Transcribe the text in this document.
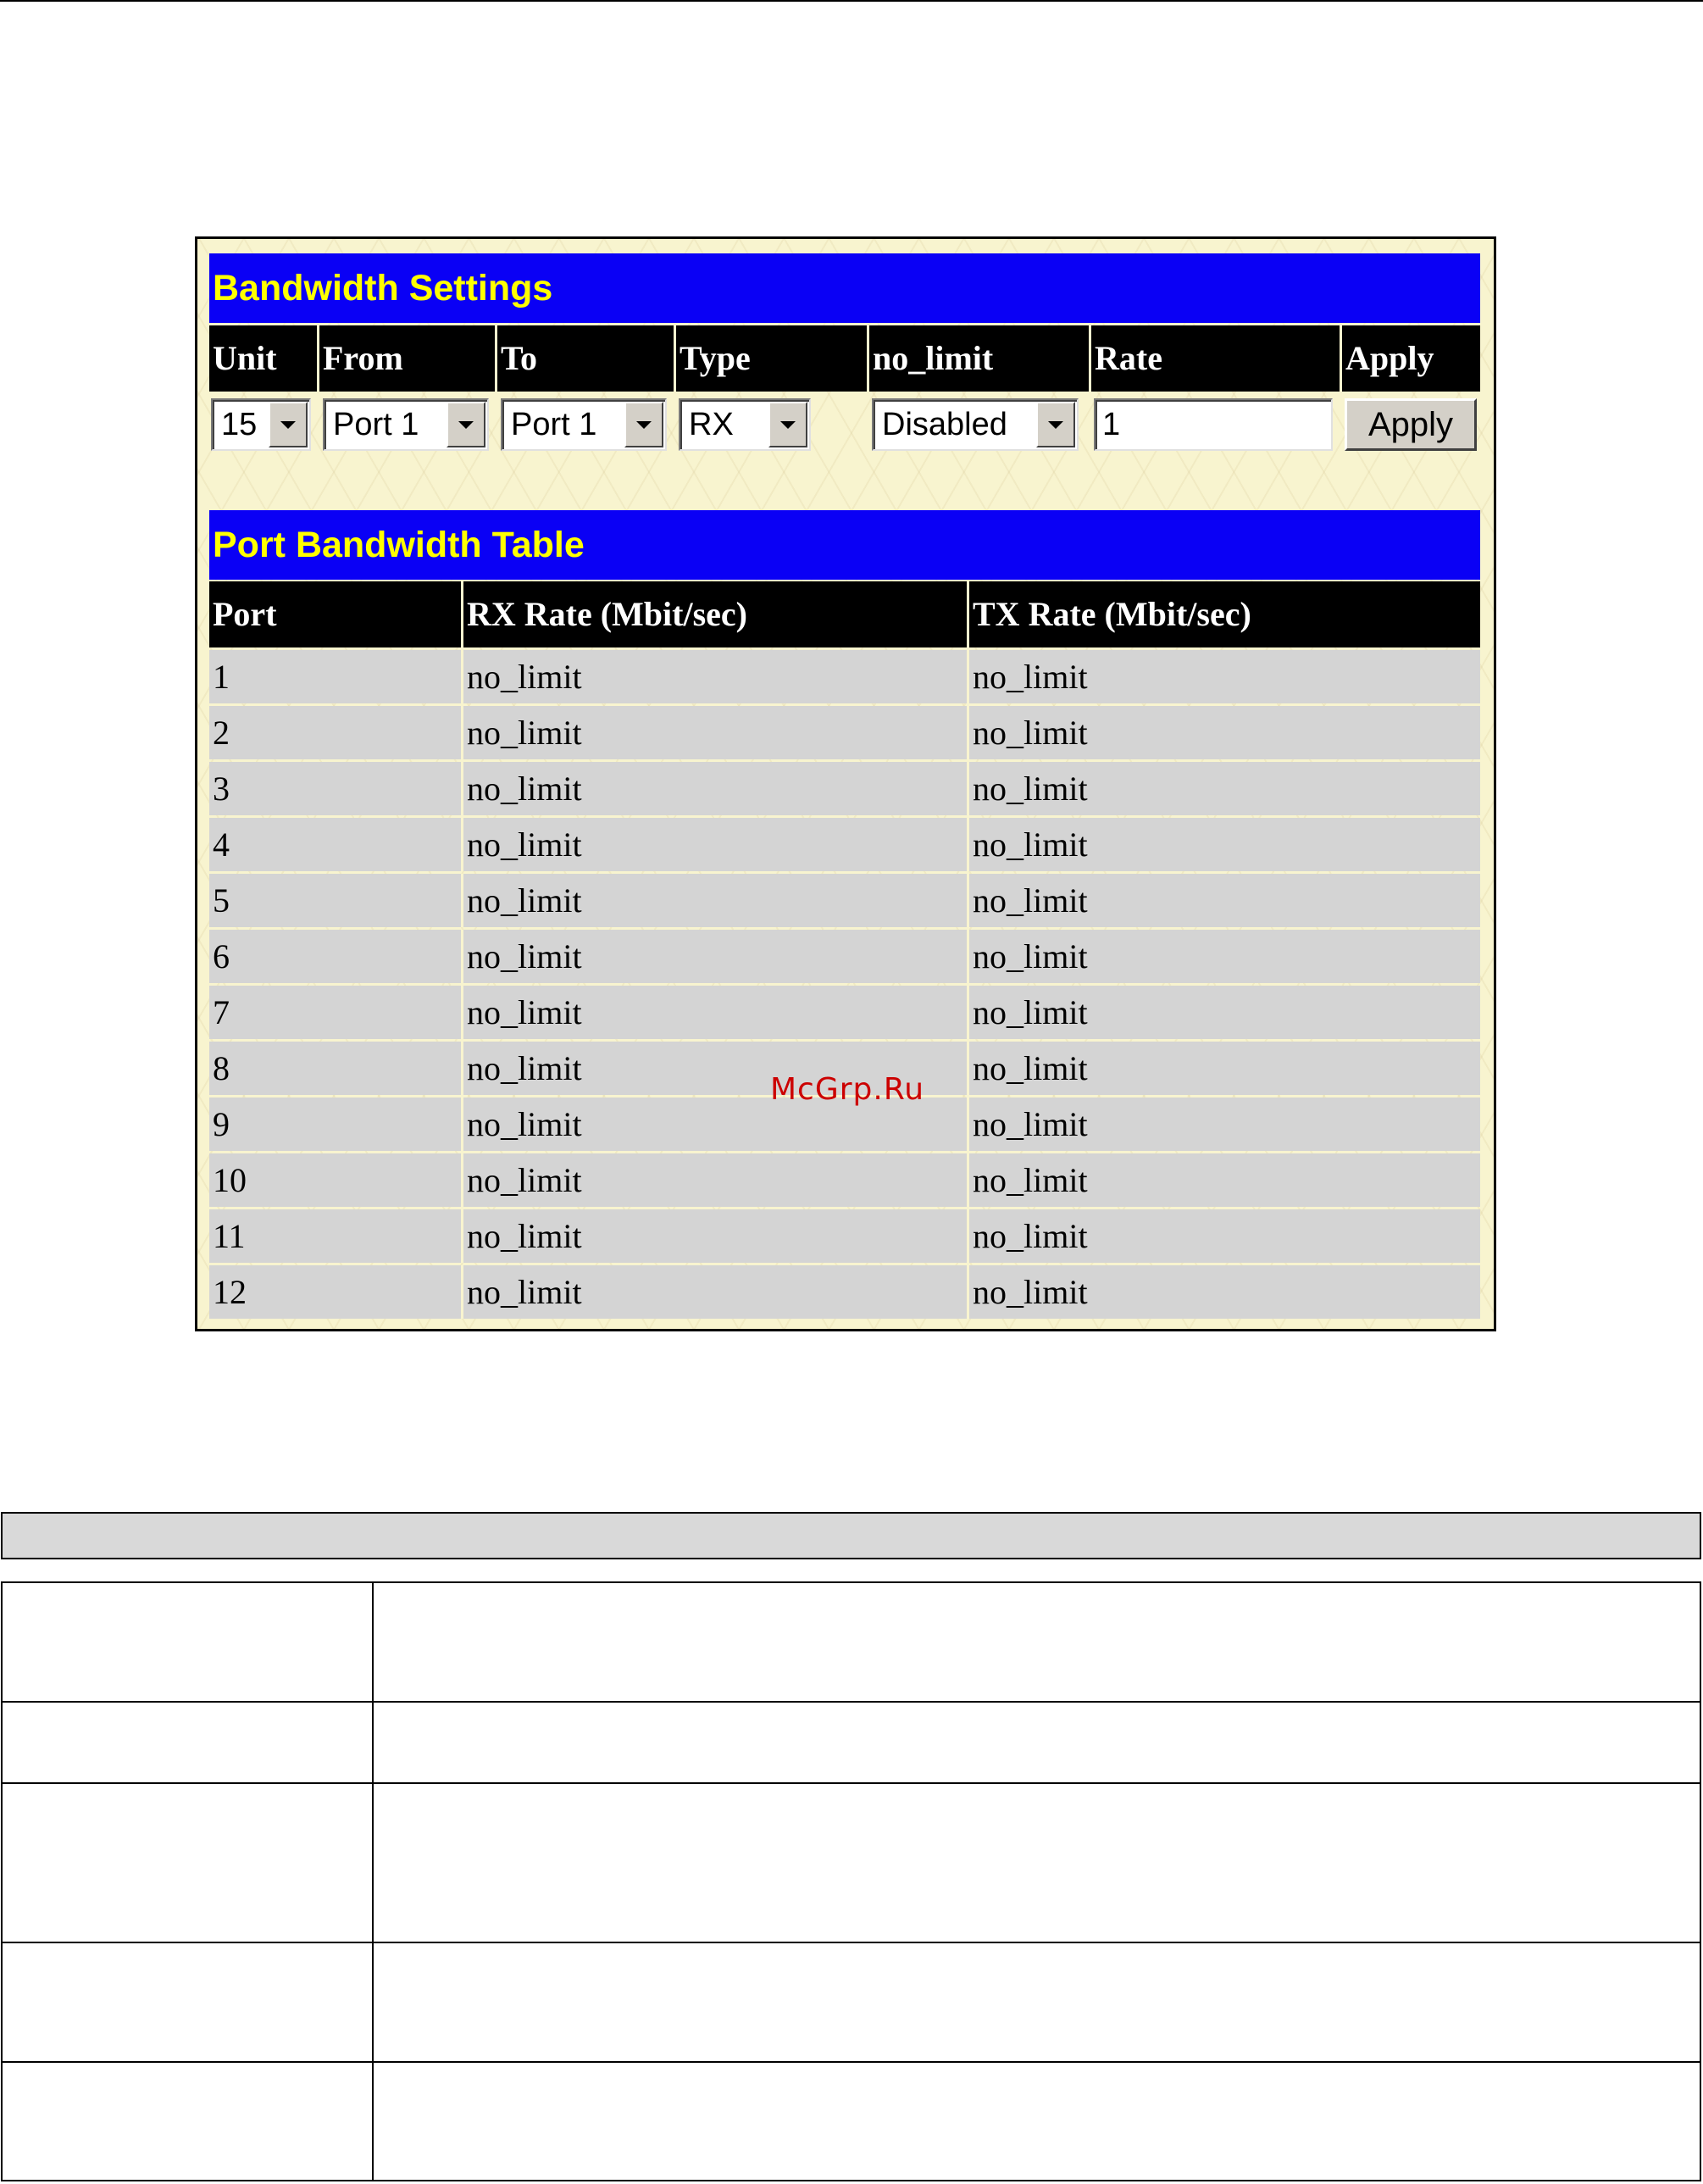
Bandwidth Settings
Unit	From	To	Type	no_limit	Rate	Apply
15 Port 1	Port 1	RX	Disabled	1	Apply
Port Bandwidth Table
Port	RX Rate (Mbit/sec)	TX Rate (Mbit/sec)
1	no_limit	no_limit
2	no_limit	no_limit
3	no_limit	no_limit
4	no_limit	no_limit
5	no_limit	no_limit
6	no_limit	no_limit
7	no_limit	no_limit
8	no_limit	no_limit
9	no_limit	no_limit
10	no_limit	no_limit
11	no_limit	no_limit
12	no_limit	no_limit
McGrp.Ru
